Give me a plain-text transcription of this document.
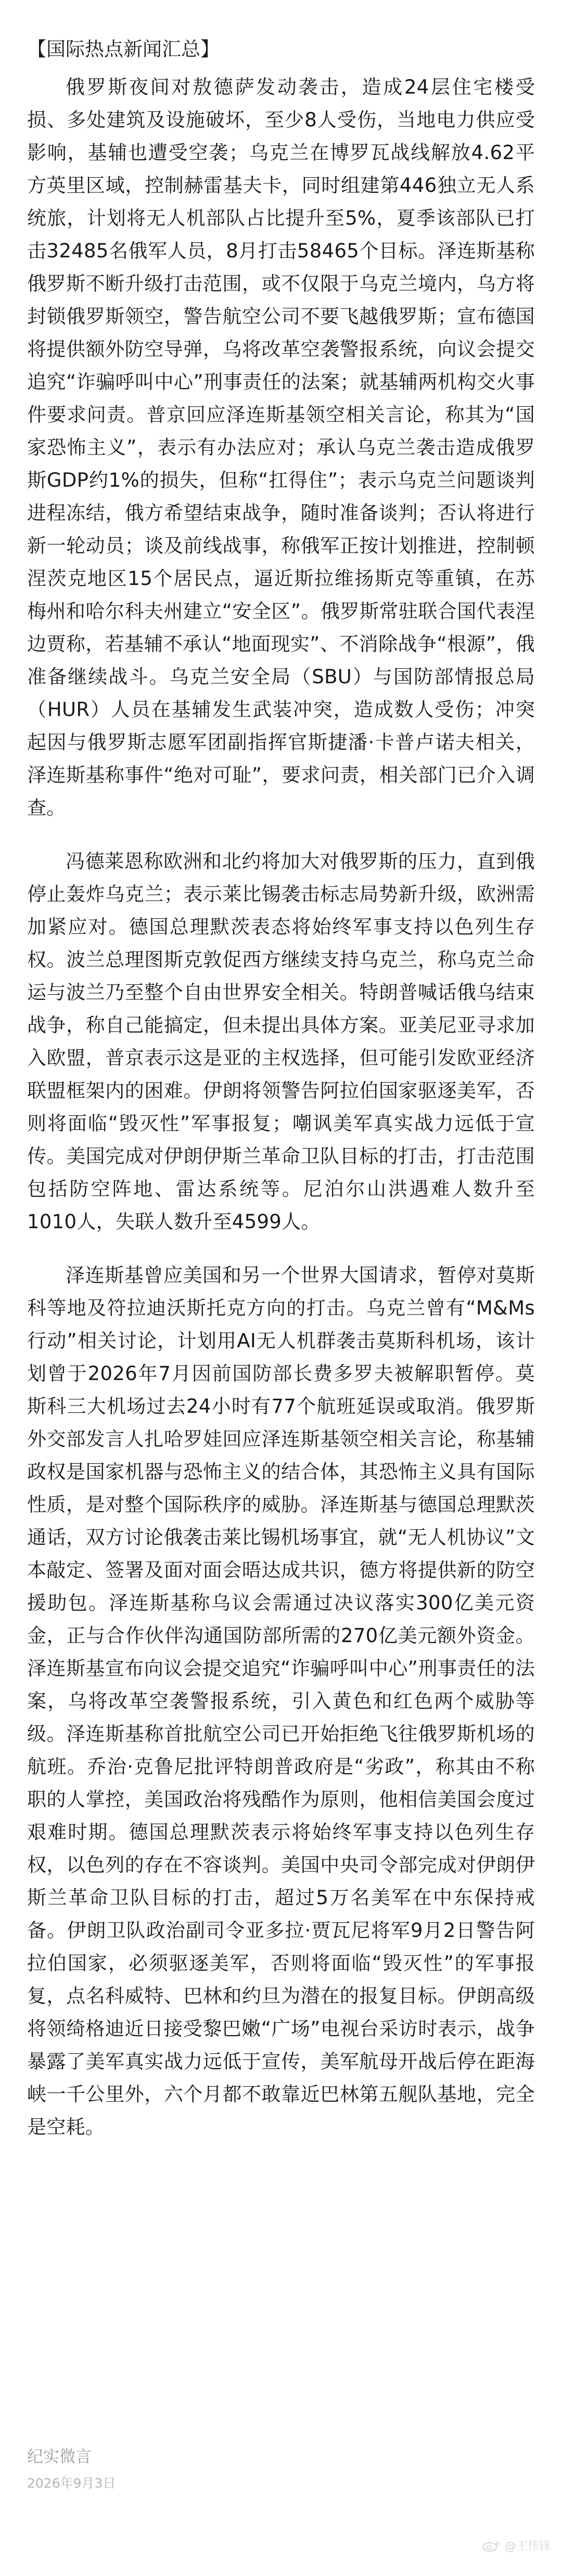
【国际热点新闻汇总】

俄罗斯夜间对敖德萨发动袭击，造成24层住宅楼受损、多处建筑及设施破坏，至少8人受伤，当地电力供应受影响，基辅也遭受空袭；乌克兰在博罗瓦战线解放4.62平方英里区域，控制赫雷基夫卡，同时组建第446独立无人系统旅，计划将无人机部队占比提升至5%，夏季该部队已打击32485名俄军人员，8月打击58465个目标。泽连斯基称俄罗斯不断升级打击范围，或不仅限于乌克兰境内，乌方将封锁俄罗斯领空，警告航空公司不要飞越俄罗斯；宣布德国将提供额外防空导弹，乌将改革空袭警报系统，向议会提交追究“诈骗呼叫中心”刑事责任的法案；就基辅两机构交火事件要求问责。普京回应泽连斯基领空相关言论，称其为“国家恐怖主义”，表示有办法应对；承认乌克兰袭击造成俄罗斯GDP约1%的损失，但称“扛得住”；表示乌克兰问题谈判进程冻结，俄方希望结束战争，随时准备谈判；否认将进行新一轮动员；谈及前线战事，称俄军正按计划推进，控制顿涅茨克地区15个居民点，逼近斯拉维扬斯克等重镇，在苏梅州和哈尔科夫州建立“安全区”。俄罗斯常驻联合国代表涅边贾称，若基辅不承认“地面现实”、不消除战争“根源”，俄准备继续战斗。乌克兰安全局（SBU）与国防部情报总局（HUR）人员在基辅发生武装冲突，造成数人受伤；冲突起因与俄罗斯志愿军团副指挥官斯捷潘·卡普卢诺夫相关，泽连斯基称事件“绝对可耻”，要求问责，相关部门已介入调查。

冯德莱恩称欧洲和北约将加大对俄罗斯的压力，直到俄停止轰炸乌克兰；表示莱比锡袭击标志局势新升级，欧洲需加紧应对。德国总理默茨表态将始终军事支持以色列生存权。波兰总理图斯克敦促西方继续支持乌克兰，称乌克兰命运与波兰乃至整个自由世界安全相关。特朗普喊话俄乌结束战争，称自己能搞定，但未提出具体方案。亚美尼亚寻求加入欧盟，普京表示这是亚的主权选择，但可能引发欧亚经济联盟框架内的困难。伊朗将领警告阿拉伯国家驱逐美军，否则将面临“毁灭性”军事报复；嘲讽美军真实战力远低于宣传。美国完成对伊朗伊斯兰革命卫队目标的打击，打击范围包括防空阵地、雷达系统等。尼泊尔山洪遇难人数升至1010人，失联人数升至4599人。

泽连斯基曾应美国和另一个世界大国请求，暂停对莫斯科等地及符拉迪沃斯托克方向的打击。乌克兰曾有“M&Ms行动”相关讨论，计划用AI无人机群袭击莫斯科机场，该计划曾于2026年7月因前国防部长费多罗夫被解职暂停。莫斯科三大机场过去24小时有77个航班延误或取消。俄罗斯外交部发言人扎哈罗娃回应泽连斯基领空相关言论，称基辅政权是国家机器与恐怖主义的结合体，其恐怖主义具有国际性质，是对整个国际秩序的威胁。泽连斯基与德国总理默茨通话，双方讨论俄袭击莱比锡机场事宜，就“无人机协议”文本敲定、签署及面对面会晤达成共识，德方将提供新的防空援助包。泽连斯基称乌议会需通过决议落实300亿美元资金，正与合作伙伴沟通国防部所需的270亿美元额外资金。泽连斯基宣布向议会提交追究“诈骗呼叫中心”刑事责任的法案，乌将改革空袭警报系统，引入黄色和红色两个威胁等级。泽连斯基称首批航空公司已开始拒绝飞往俄罗斯机场的航班。乔治·克鲁尼批评特朗普政府是“劣政”，称其由不称职的人掌控，美国政治将残酷作为原则，他相信美国会度过艰难时期。德国总理默茨表示将始终军事支持以色列生存权，以色列的存在不容谈判。美国中央司令部完成对伊朗伊斯兰革命卫队目标的打击，超过5万名美军在中东保持戒备。伊朗卫队政治副司令亚多拉·贾瓦尼将军9月2日警告阿拉伯国家，必须驱逐美军，否则将面临“毁灭性”的军事报复，点名科威特、巴林和约旦为潜在的报复目标。伊朗高级将领绮格迪近日接受黎巴嫩“广场”电视台采访时表示，战争暴露了美军真实战力远低于宣传，美军航母开战后停在距海峡一千公里外，六个月都不敢靠近巴林第五舰队基地，完全是空耗。

纪实微言
2026年9月3日
@王伟锋
